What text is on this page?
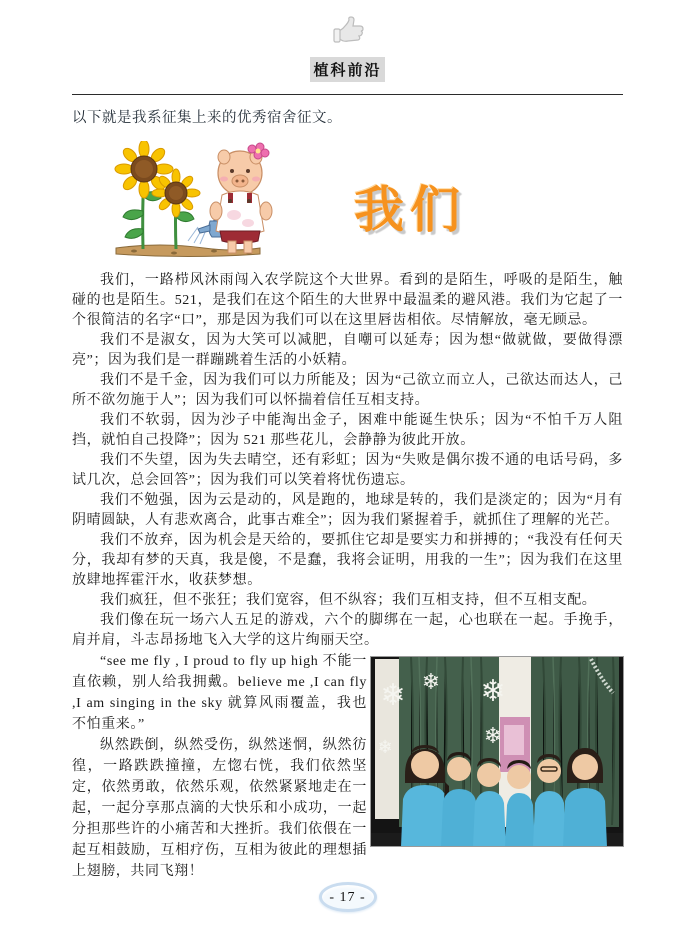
植科前沿

以下就是我系征集上来的优秀宿舍征文。

我们

我们，一路栉风沐雨闯入农学院这个大世界。看到的是陌生，呼吸的是陌生，触碰的也是陌生。521，是我们在这个陌生的大世界中最温柔的避风港。我们为它起了一个很简洁的名字“口”，那是因为我们可以在这里唇齿相依。尽情解放，毫无顾忌。

我们不是淑女，因为大笑可以减肥，自嘲可以延寿；因为想“做就做，要做得漂亮”；因为我们是一群蹦跳着生活的小妖精。

我们不是千金，因为我们可以力所能及；因为“己欲立而立人，己欲达而达人，己所不欲勿施于人”；因为我们可以怀揣着信任互相支持。

我们不软弱，因为沙子中能淘出金子，困难中能诞生快乐；因为“不怕千万人阻挡，就怕自己投降”；因为 521 那些花儿，会静静为彼此开放。

我们不失望，因为失去晴空，还有彩虹；因为“失败是偶尔拨不通的电话号码，多试几次，总会回答”；因为我们可以笑着将忧伤遗忘。

我们不勉强，因为云是动的，风是跑的，地球是转的，我们是淡定的；因为“月有阴晴圆缺，人有悲欢离合，此事古难全”；因为我们紧握着手，就抓住了理解的光芒。

我们不放弃，因为机会是天给的，要抓住它却是要实力和拼搏的；“我没有任何天分，我却有梦的天真，我是傻，不是蠢，我将会证明，用我的一生”；因为我们在这里放肆地挥霍汗水，收获梦想。

我们疯狂，但不张狂；我们宽容，但不纵容；我们互相支持，但不互相支配。

我们像在玩一场六人五足的游戏，六个的脚绑在一起，心也联在一起。手挽手，肩并肩，斗志昂扬地飞入大学的这片绚丽天空。

“see me fly , I proud to fly up high 不能一直依赖，别人给我拥戴。believe me ,I can fly ,I am singing in the sky 就算风雨覆盖，我也不怕重来。”

纵然跌倒，纵然受伤，纵然迷惘，纵然彷徨，一路跌跌撞撞，左惚右恍，我们依然坚定，依然勇敢，依然乐观，依然紧紧地走在一起，一起分享那点滴的大快乐和小成功，一起分担那些许的小痛苦和大挫折。我们依偎在一起互相鼓励，互相疗伤，互相为彼此的理想插上翅膀，共同飞翔！

❄ ❄ ❄
❄
❄
- 17 -
